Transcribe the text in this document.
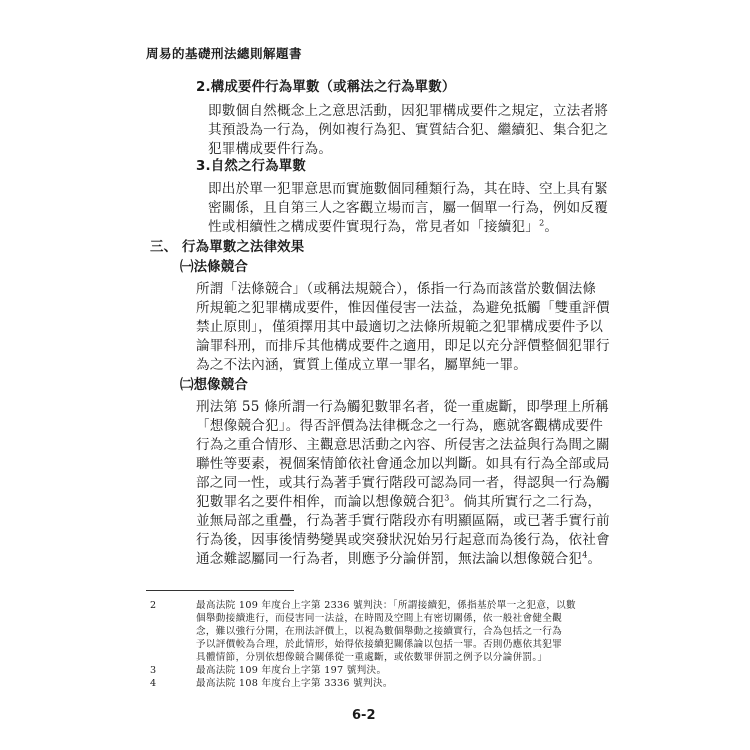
周易的基礎刑法總則解題書
2.構成要件行為單數（或稱法之行為單數）
即數個自然概念上之意思活動，因犯罪構成要件之規定，立法者將
其預設為一行為，例如複行為犯、實質結合犯、繼續犯、集合犯之
犯罪構成要件行為。
3.自然之行為單數
即出於單一犯罪意思而實施數個同種類行為，其在時、空上具有緊
密關係，且自第三人之客觀立場而言，屬一個單一行為，例如反覆
性或相續性之構成要件實現行為，常見者如「接續犯」$^2$。
三、 行為單數之法律效果
㈠法條競合
所謂「法條競合」（或稱法規競合），係指一行為而該當於數個法條
所規範之犯罪構成要件，惟因僅侵害一法益，為避免抵觸「雙重評價
禁止原則」，僅須擇用其中最適切之法條所規範之犯罪構成要件予以
論罪科刑，而排斥其他構成要件之適用，即足以充分評價整個犯罪行
為之不法內涵，實質上僅成立單一罪名，屬單純一罪。
㈡想像競合
刑法第 55 條所謂一行為觸犯數罪名者，從一重處斷，即學理上所稱
「想像競合犯」。得否評價為法律概念之一行為，應就客觀構成要件
行為之重合情形、主觀意思活動之內容、所侵害之法益與行為間之關
聯性等要素，視個案情節依社會通念加以判斷。如具有行為全部或局
部之同一性，或其行為著手實行階段可認為同一者，得認與一行為觸
犯數罪名之要件相侔，而論以想像競合犯$^3$。倘其所實行之二行為，
並無局部之重疊，行為著手實行階段亦有明顯區隔，或已著手實行前
行為後，因事後情勢變異或突發狀況始另行起意而為後行為，依社會
通念難認屬同一行為者，則應予分論併罰，無法論以想像競合犯$^4$。
2	最高法院 109 年度台上字第 2336 號判決：「所謂接續犯，係指基於單一之犯意，以數
個舉動接續進行，而侵害同一法益，在時間及空間上有密切關係，依一般社會健全觀
念，難以強行分開，在刑法評價上，以視為數個舉動之接續實行，合為包括之一行為
予以評價較為合理，於此情形，始得依接續犯關係論以包括一罪。否則仍應依其犯罪
具體情節，分別依想像競合關係從一重處斷，或依數罪併罰之例予以分論併罰。」
3	最高法院 109 年度台上字第 197 號判決。
4	最高法院 108 年度台上字第 3336 號判決。
6-2
